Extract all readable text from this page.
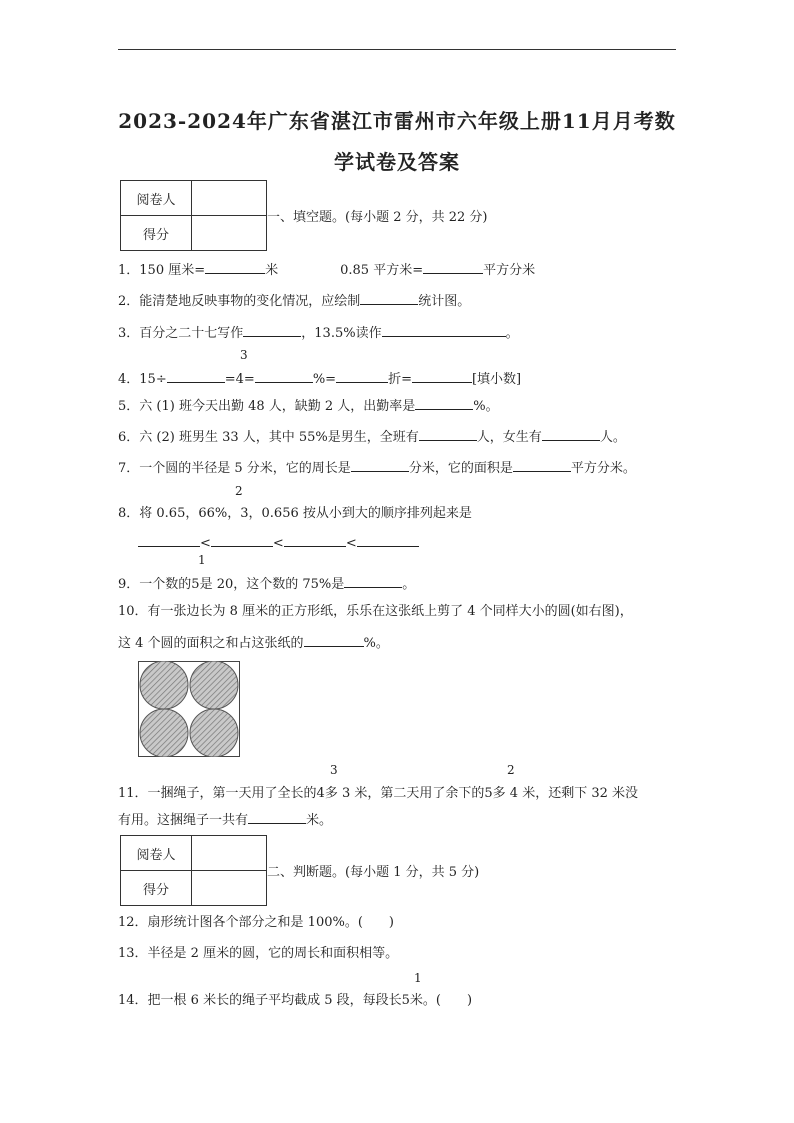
2023-2024年广东省湛江市雷州市六年级上册11月月考数
学试卷及答案
阅卷人	
得分	
一、填空题。(每小题 2 分，共 22 分)
1．150 厘米=	米	0.85 平方米=	平方分米
2．能清楚地反映事物的变化情况，应绘制	统计图。
3．百分之二十七写作	，13.5%读作	。
3
4．15÷	=4=	%=	折=	[填小数]
5．六 (1) 班今天出勤 48 人，缺勤 2 人，出勤率是	%。
6．六 (2) 班男生 33 人，其中 55%是男生，全班有	人，女生有	人。
7．一个圆的半径是 5 分米，它的周长是	分米，它的面积是	平方分米。
2
8．将 0.65，66%，3，0.656 按从小到大的顺序排列起来是
<	<	<
1
9．一个数的5是 20，这个数的 75%是	。
10．有一张边长为 8 厘米的正方形纸，乐乐在这张纸上剪了 4 个同样大小的圆(如右图)，
这 4 个圆的面积之和占这张纸的	%。
3	2
11．一捆绳子，第一天用了全长的4多 3 米，第二天用了余下的5多 4 米，还剩下 32 米没
有用。这捆绳子一共有	米。
阅卷人	
得分	
二、判断题。(每小题 1 分，共 5 分)
12．扇形统计图各个部分之和是 100%。(　　)
13．半径是 2 厘米的圆，它的周长和面积相等。
1
14．把一根 6 米长的绳子平均截成 5 段，每段长5米。(　　)
